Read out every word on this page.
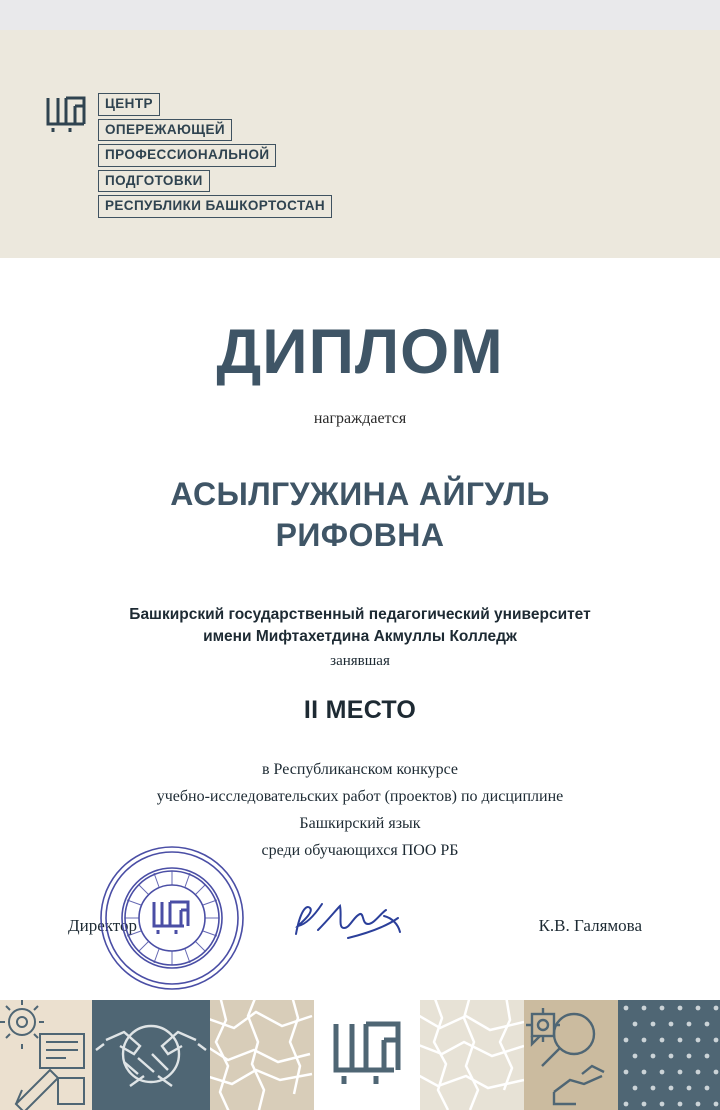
ЦЕНТР
ОПЕРЕЖАЮЩЕЙ
ПРОФЕССИОНАЛЬНОЙ
ПОДГОТОВКИ
РЕСПУБЛИКИ БАШКОРТОСТАН
ДИПЛОМ
награждается
АСЫЛГУЖИНА АЙГУЛЬ
РИФОВНА
Башкирский государственный педагогический университет
имени Мифтахетдина Акмуллы Колледж
занявшая
II МЕСТО
в Республиканском конкурсе
учебно-исследовательских работ (проектов) по дисциплине
Башкирский язык
среди обучающихся ПОО РБ
Директор	К.В. Галямова
